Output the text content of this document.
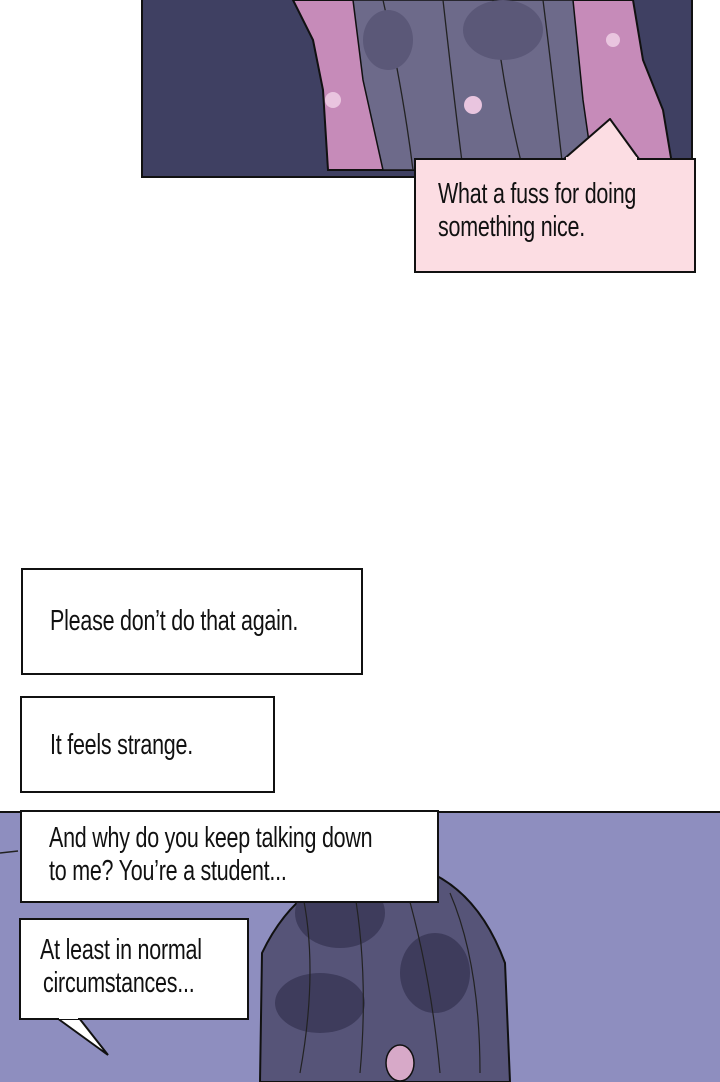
What a fuss for doing
something nice.
Please don’t do that again.
It feels strange.
And why do you keep talking down
to me? You’re a student...
At least in normal
circumstances...
